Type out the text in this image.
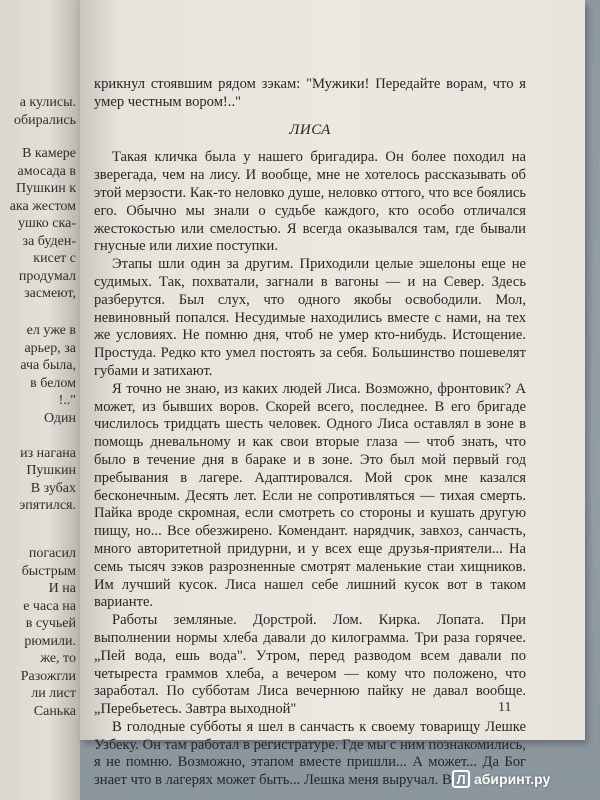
а кулисы.
обирались
В камере
амосада в
Пушкин к
ака жестом
ушко ска-
за буден-
кисет с
продумал
засмеют,
ел уже в
арьер, за
ача была,
в белом
!.."
Один
из нагана
Пушкин
В зубах
эпятился.
погасил
быстрым
И на
е часа на
в сучьей
рюмили.
же, то
Разожгли
ли лист
Санька

крикнул стоявшим рядом зэкам: "Мужики! Передайте ворам, что я умер честным вором!.."

ЛИСА

Такая кличка была у нашего бригадира. Он более походил на зверегада, чем на лису. И вообще, мне не хотелось рассказывать об этой мерзости. Как-то неловко душе, неловко оттого, что все боялись его. Обычно мы знали о судьбе каждого, кто особо отличался жестокостью или смелостью. Я всегда оказывался там, где бывали гнусные или лихие поступки.

Этапы шли один за другим. Приходили целые эшелоны еще не судимых. Так, похватали, загнали в вагоны — и на Север. Здесь разберутся. Был слух, что одного якобы освободили. Мол, невиновный попался. Несудимые находились вместе с нами, на тех же условиях. Не помню дня, чтоб не умер кто-нибудь. Истощение. Простуда. Редко кто умел постоять за себя. Большинство пошевелят губами и затихают.

Я точно не знаю, из каких людей Лиса. Возможно, фронтовик? А может, из бывших воров. Скорей всего, последнее. В его бригаде числилось тридцать шесть человек. Одного Лиса оставлял в зоне в помощь дневальному и как свои вторые глаза — чтоб знать, что было в течение дня в бараке и в зоне. Это был мой первый год пребывания в лагере. Адаптировался. Мой срок мне казался бесконечным. Десять лет. Если не сопротивляться — тихая смерть. Пайка вроде скромная, если смотреть со стороны и кушать другую пищу, но... Все обезжирено. Комендант. нарядчик, завхоз, санчасть, много авторитетной придурни, и у всех еще друзья-приятели... На семь тысяч зэков разрозненные смотрят маленькие стаи хищников. Им лучший кусок. Лиса нашел себе лишний кусок вот в таком варианте.

Работы земляные. Дорстрой. Лом. Кирка. Лопата. При выполнении нормы хлеба давали до килограмма. Три раза горячее. „Пей вода, ешь вода". Утром, перед разводом всем давали по четыреста граммов хлеба, а вечером — кому что положено, что заработал. По субботам Лиса вечернюю пайку не давал вообще. „Перебьетесь. Завтра выходной"

В голодные субботы я шел в санчасть к своему товарищу Лешке Узбеку. Он там работал в регистратуре. Где мы с ним познакомились, я не помню. Возможно, этапом вместе пришли... А может... Да Бог знает что в лагерях может быть... Лешка меня выручал. В

11
Л абиринт.ру
